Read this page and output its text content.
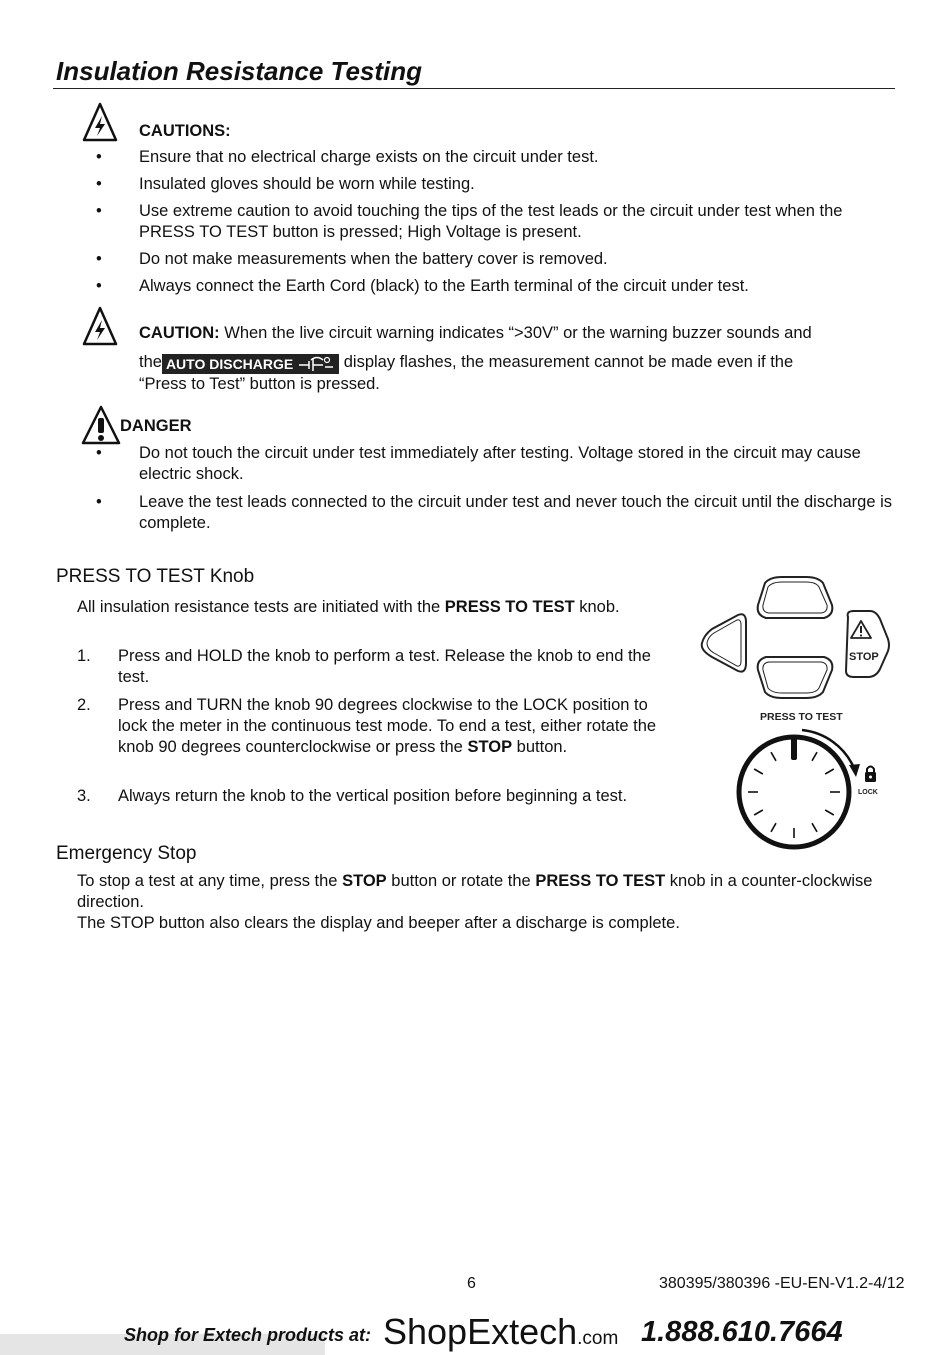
Insulation Resistance Testing
CAUTIONS:
•	Ensure that no electrical charge exists on the circuit under test.
•	Insulated gloves should be worn while testing.
•	Use extreme caution to avoid touching the tips of the test leads or the circuit under test when the PRESS TO TEST button is pressed; High Voltage is present.
•	Do not make measurements when the battery cover is removed.
•	Always connect the Earth Cord (black) to the Earth terminal of the circuit under test.
CAUTION: When the live circuit warning indicates “>30V” or the warning buzzer sounds and
the AUTO DISCHARGE	display flashes, the measurement cannot be made even if the
“Press to Test” button is pressed.
DANGER
•	Do not touch the circuit under test immediately after testing. Voltage stored in the circuit may cause electric shock.
•	Leave the test leads connected to the circuit under test and never touch the circuit until the discharge is complete.
PRESS TO TEST Knob
All insulation resistance tests are initiated with the PRESS TO TEST knob.
1. Press and HOLD the knob to perform a test. Release the knob to end the test.
2. Press and TURN the knob 90 degrees clockwise to the LOCK position to lock the meter in the continuous test mode. To end a test, either rotate the knob 90 degrees counterclockwise or press the STOP button.
3. Always return the knob to the vertical position before beginning a test.
STOP
PRESS TO TEST
LOCK
Emergency Stop
To stop a test at any time, press the STOP button or rotate the PRESS TO TEST knob in a counter-clockwise direction.
The STOP button also clears the display and beeper after a discharge is complete.
6	380395/380396 -EU-EN-V1.2-4/12
Shop for Extech products at: ShopExtech.com 1.888.610.7664
